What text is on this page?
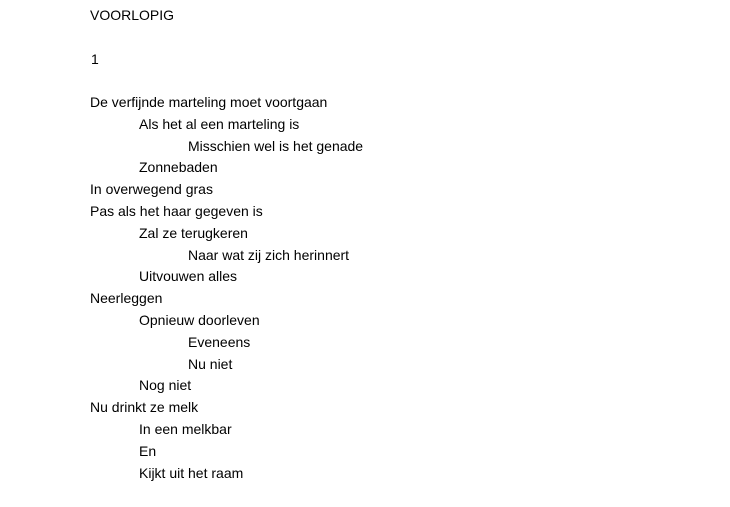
VOORLOPIG
1
De verfijnde marteling moet voortgaan
Als het al een marteling is
Misschien wel is het genade
Zonnebaden
In overwegend gras
Pas als het haar gegeven is
Zal ze terugkeren
Naar wat zij zich herinnert
Uitvouwen alles
Neerleggen
Opnieuw doorleven
Eveneens
Nu niet
Nog niet
Nu drinkt ze melk
In een melkbar
En
Kijkt uit het raam
